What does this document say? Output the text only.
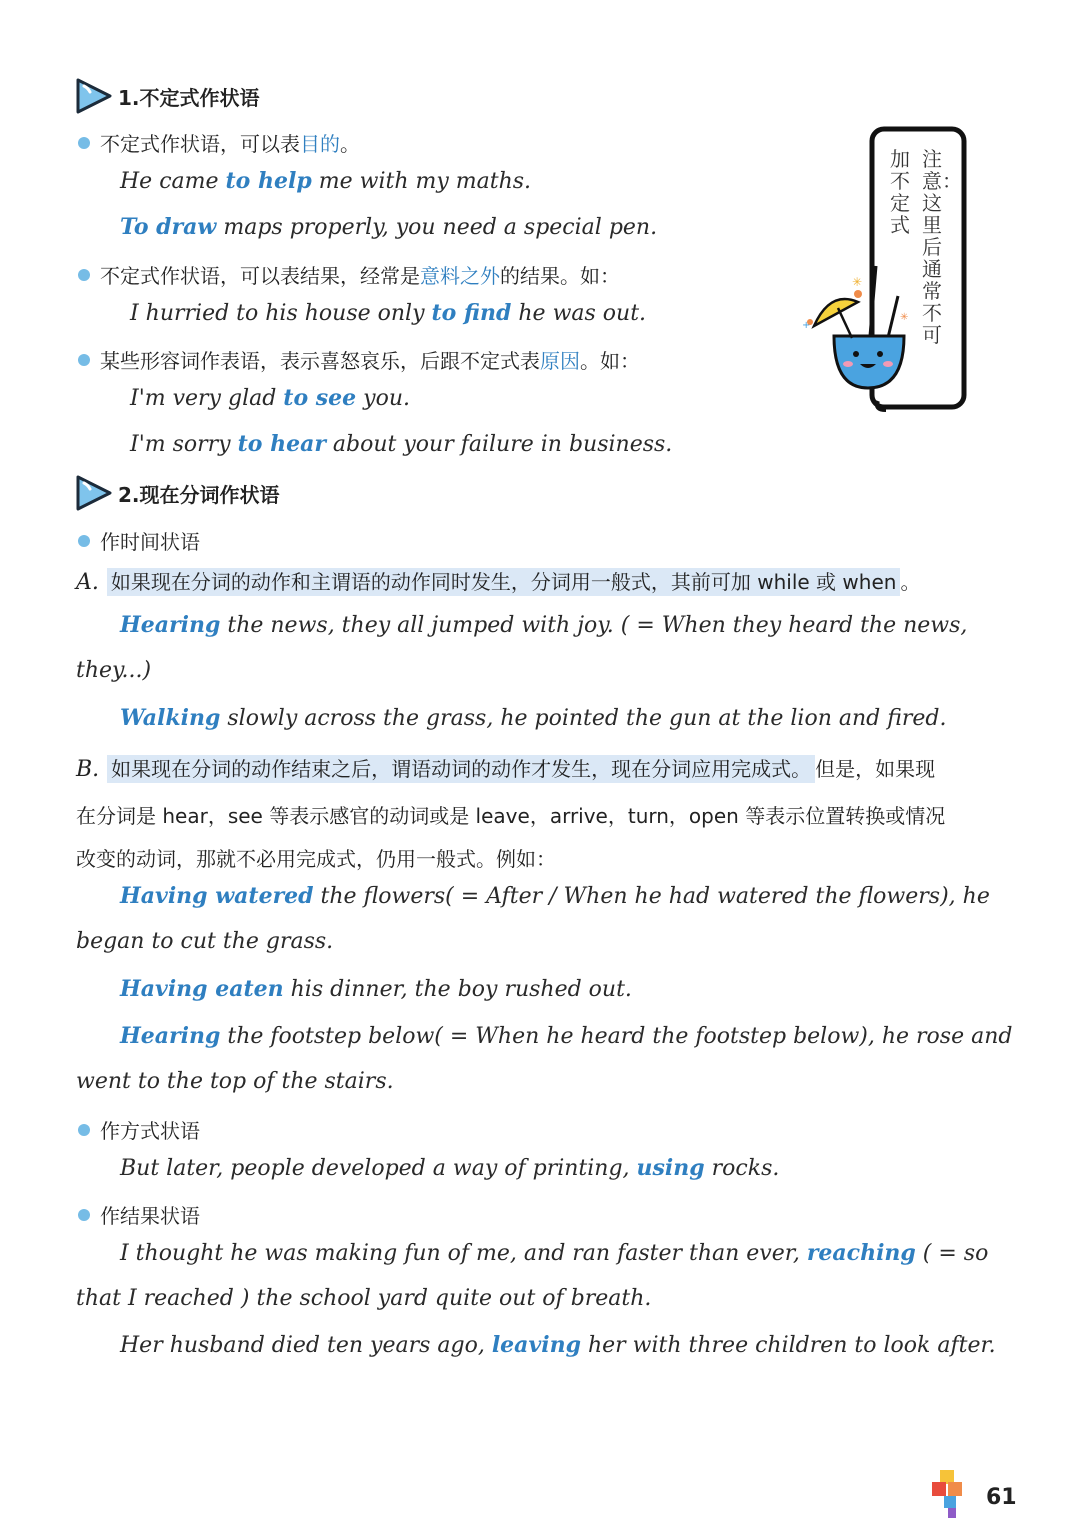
1.不定式作状语
不定式作状语，可以表 目的 。
He came to help me with my maths.
To draw maps properly, you need a special pen.
不定式作状语，可以表结果，经常是 意料之外 的结果。如：
I hurried to his house only to find he was out.
某些形容词作表语，表示喜怒哀乐，后跟不定式表 原因 。如：
I'm very glad to see you.
I'm sorry to hear about your failure in business.
✳
✳
+
注意：这里后通常不可
加不定式
2.现在分词作状语
作时间状语
A. 如果现在分词的动作和主谓语的动作同时发生，分词用一般式，其前可加 while 或 when 。
Hearing the news, they all jumped with joy. ( = When they heard the news,
they...)
Walking slowly across the grass, he pointed the gun at the lion and fired.
B. 如果现在分词的动作结束之后，谓语动词的动作才发生，现在分词应用完成式。 但是，如果现
在分词是 hear，see 等表示感官的动词或是 leave，arrive，turn，open 等表示位置转换或情况
改变的动词，那就不必用完成式，仍用一般式。例如：
Having watered the flowers( = After / When he had watered the flowers), he
began to cut the grass.
Having eaten his dinner, the boy rushed out.
Hearing the footstep below( = When he heard the footstep below), he rose and
went to the top of the stairs.
作方式状语
But later, people developed a way of printing, using rocks.
作结果状语
I thought he was making fun of me, and ran faster than ever, reaching ( = so
that I reached ) the school yard quite out of breath.
Her husband died ten years ago, leaving her with three children to look after.
61
